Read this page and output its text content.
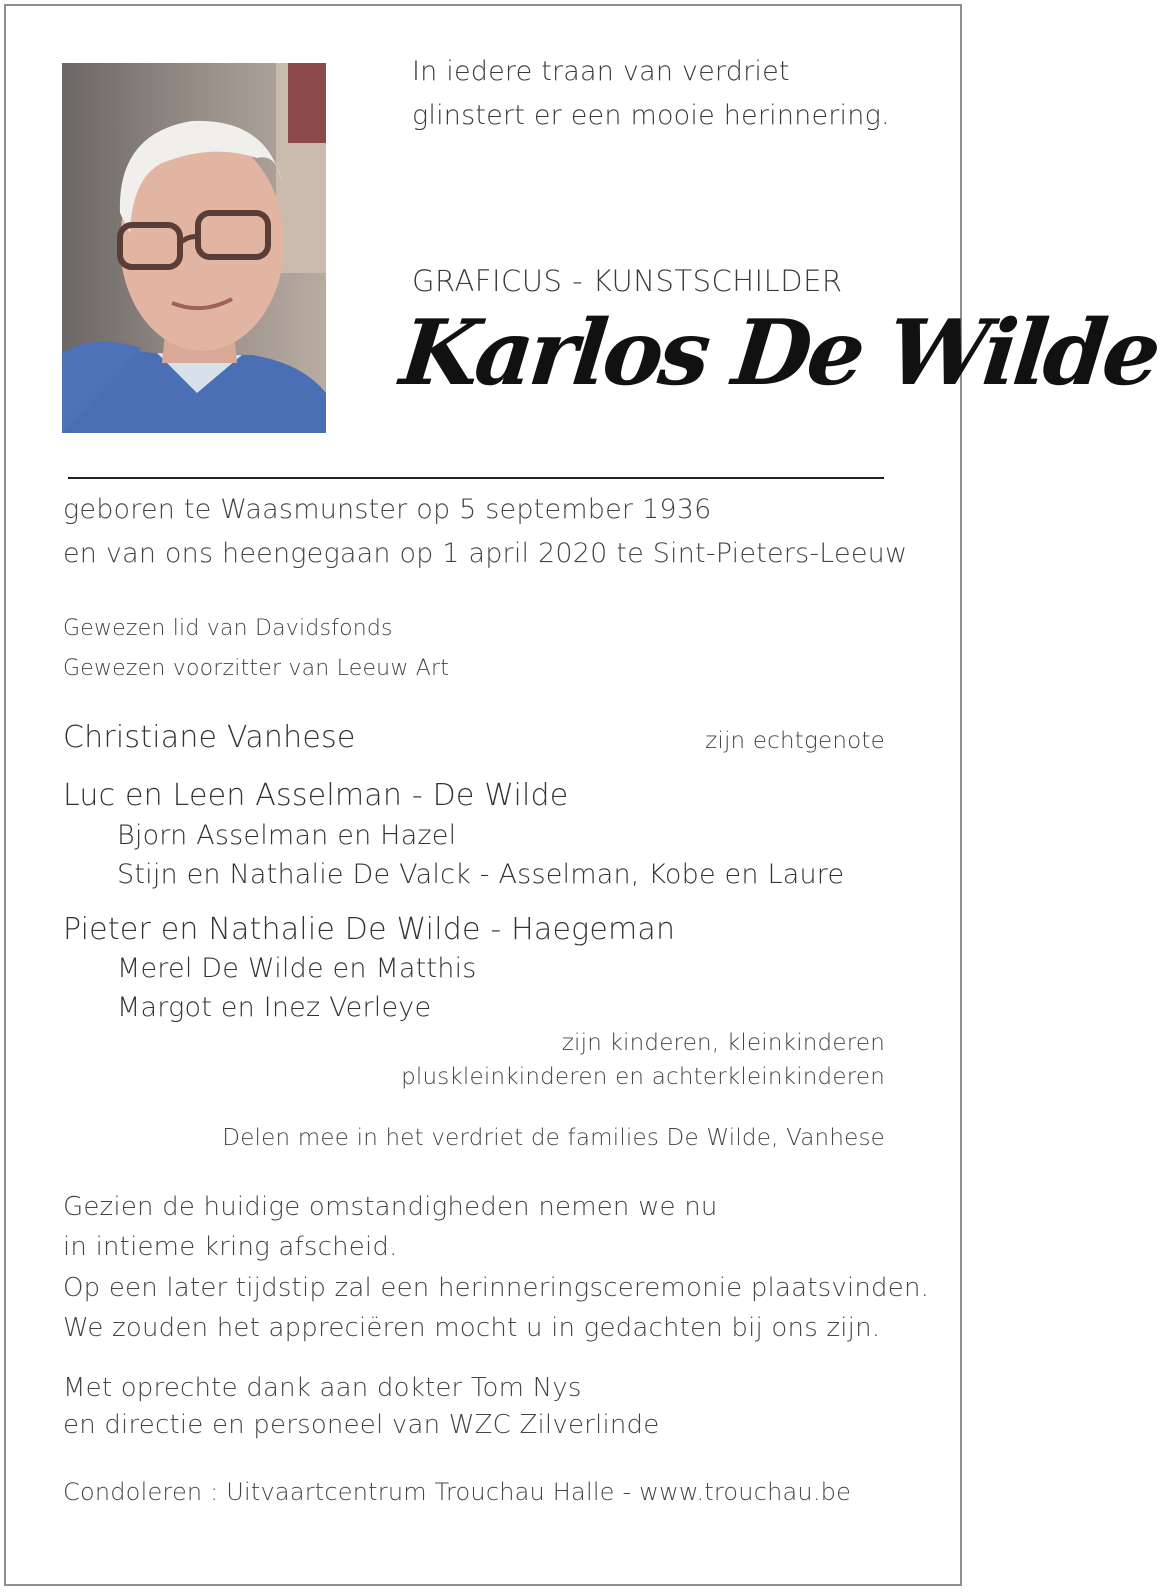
In iedere traan van verdriet
glinstert er een mooie herinnering.
GRAFICUS - KUNSTSCHILDER
Karlos De Wilde
geboren te Waasmunster op 5 september 1936
en van ons heengegaan op 1 april 2020 te Sint-Pieters-Leeuw
Gewezen lid van Davidsfonds
Gewezen voorzitter van Leeuw Art
Christiane Vanhese	zijn echtgenote
Luc en Leen Asselman - De Wilde
Bjorn Asselman en Hazel
Stijn en Nathalie De Valck - Asselman, Kobe en Laure
Pieter en Nathalie De Wilde - Haegeman
Merel De Wilde en Matthis
Margot en Inez Verleye
zijn kinderen, kleinkinderen
pluskleinkinderen en achterkleinkinderen
Delen mee in het verdriet de families De Wilde, Vanhese
Gezien de huidige omstandigheden nemen we nu
in intieme kring afscheid.
Op een later tijdstip zal een herinneringsceremonie plaatsvinden.
We zouden het appreciëren mocht u in gedachten bij ons zijn.
Met oprechte dank aan dokter Tom Nys
en directie en personeel van WZC Zilverlinde
Condoleren : Uitvaartcentrum Trouchau Halle - www.trouchau.be
